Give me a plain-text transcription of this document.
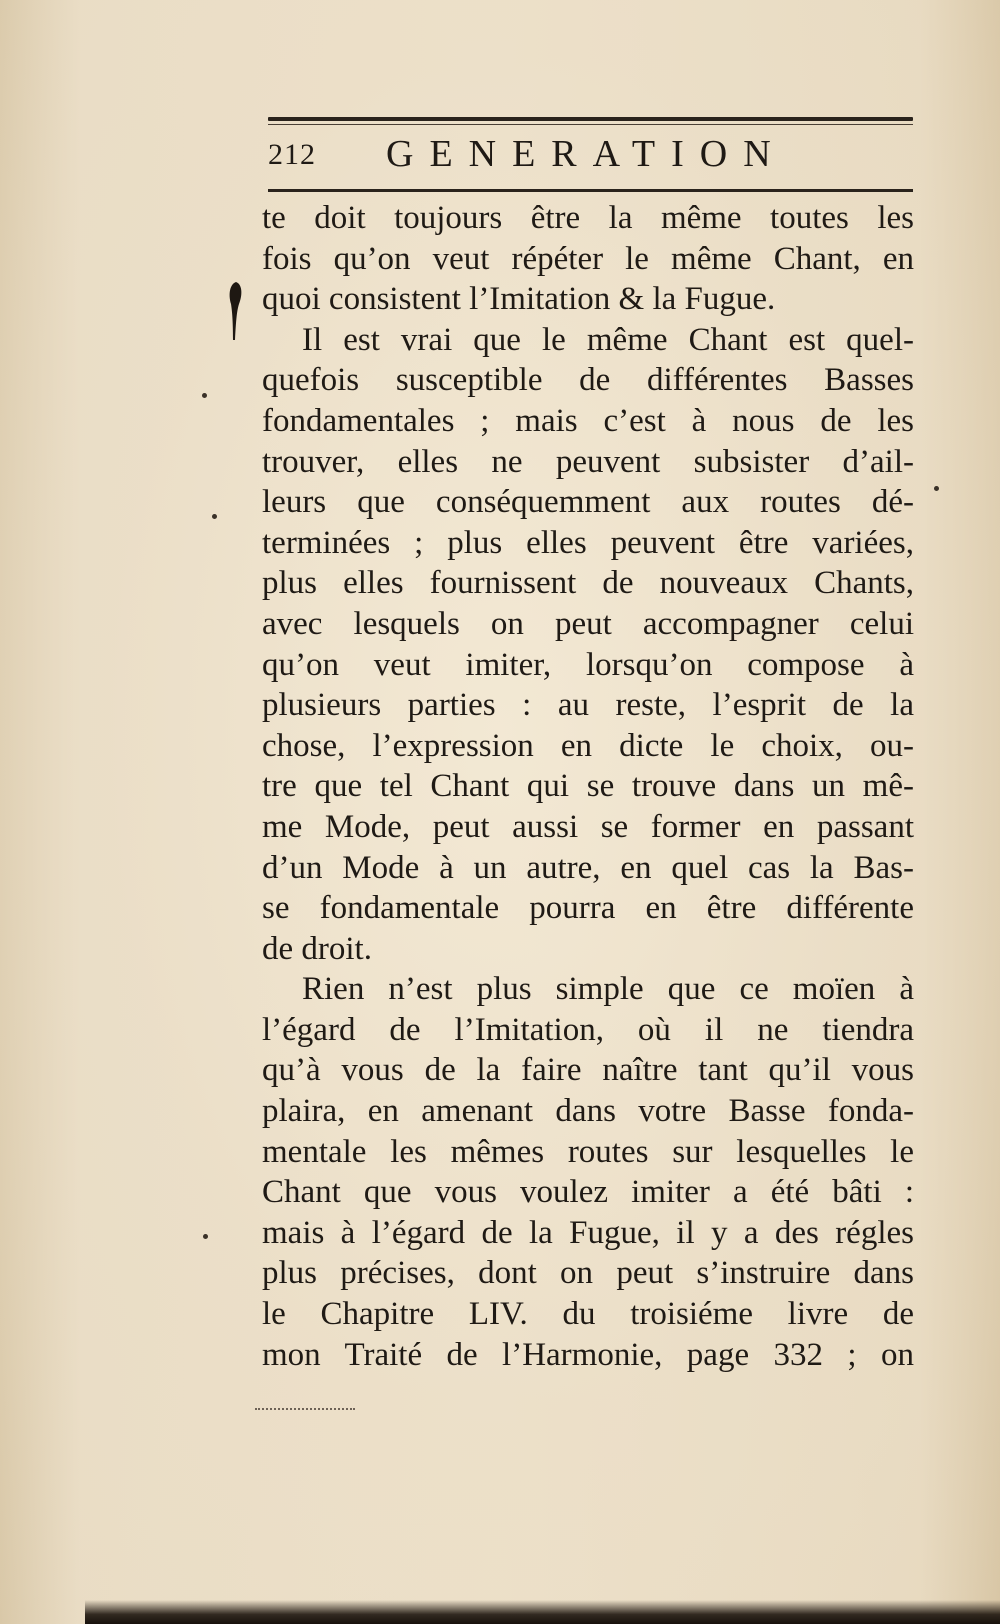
212 GENERATION
te doit toujours être la même toutes les
fois qu’on veut répéter le même Chant, en
quoi consistent l’Imitation & la Fugue.
Il est vrai que le même Chant est quel-
quefois susceptible de différentes Basses
fondamentales ; mais c’est à nous de les
trouver, elles ne peuvent subsister d’ail-
leurs que conséquemment aux routes dé-
terminées ; plus elles peuvent être variées,
plus elles fournissent de nouveaux Chants,
avec lesquels on peut accompagner celui
qu’on veut imiter, lorsqu’on compose à
plusieurs parties : au reste, l’esprit de la
chose, l’expression en dicte le choix, ou-
tre que tel Chant qui se trouve dans un mê-
me Mode, peut aussi se former en passant
d’un Mode à un autre, en quel cas la Bas-
se fondamentale pourra en être différente
de droit.
Rien n’est plus simple que ce moïen à
l’égard de l’Imitation, où il ne tiendra
qu’à vous de la faire naître tant qu’il vous
plaira, en amenant dans votre Basse fonda-
mentale les mêmes routes sur lesquelles le
Chant que vous voulez imiter a été bâti :
mais à l’égard de la Fugue, il y a des régles
plus précises, dont on peut s’instruire dans
le Chapitre LIV. du troisiéme livre de
mon Traité de l’Harmonie, page 332 ; on
